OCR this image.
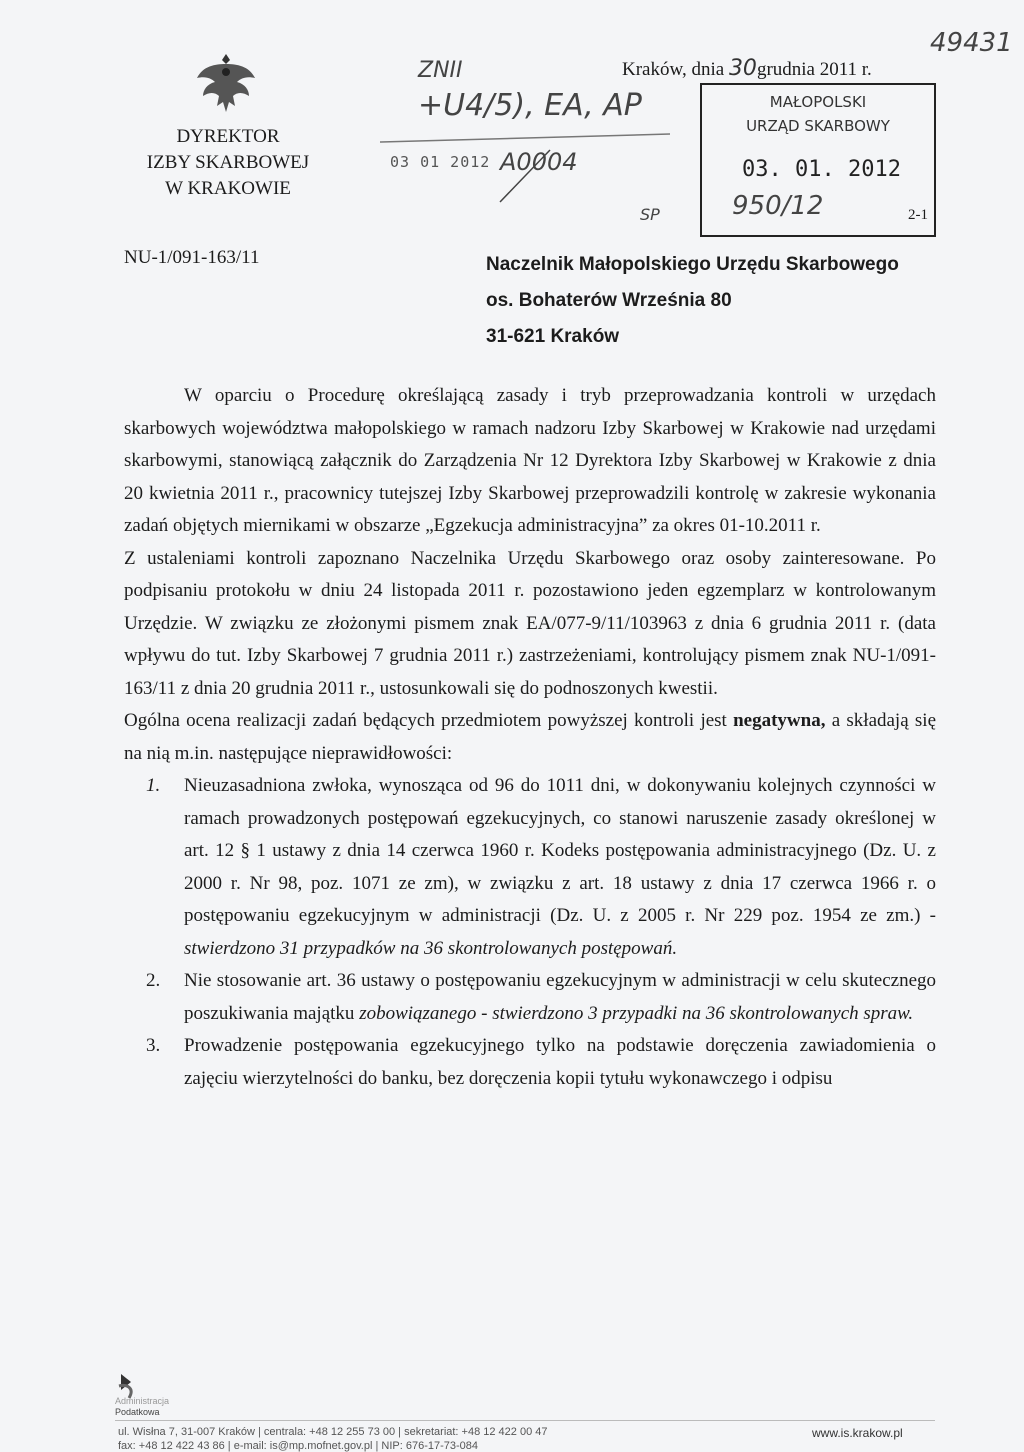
DYREKTOR
IZBY SKARBOWEJ
W KRAKOWIE
Kraków, dnia 30grudnia 2011 r.
49431
ZNII
+U4/5), EA, AP
03 01 2012 A0004
MAŁOPOLSKI
URZĄD SKARBOWY
03. 01. 2012
950/12	2-1
SP
NU-1/091-163/11	Naczelnik Małopolskiego Urzędu Skarbowego
os. Bohaterów Września 80
31-621 Kraków

W oparciu o Procedurę określającą zasady i tryb przeprowadzania kontroli w urzędach skarbowych województwa małopolskiego w ramach nadzoru Izby Skarbowej w Krakowie nad urzędami skarbowymi, stanowiącą załącznik do Zarządzenia Nr 12 Dyrektora Izby Skarbowej w Krakowie z dnia 20 kwietnia 2011 r., pracownicy tutejszej Izby Skarbowej przeprowadzili kontrolę w zakresie wykonania zadań objętych miernikami w obszarze „Egzekucja administracyjna” za okres 01-10.2011 r.

Z ustaleniami kontroli zapoznano Naczelnika Urzędu Skarbowego oraz osoby zainteresowane. Po podpisaniu protokołu w dniu 24 listopada 2011 r. pozostawiono jeden egzemplarz w kontrolowanym Urzędzie. W związku ze złożonymi pismem znak EA/077-9/11/103963 z dnia 6 grudnia 2011 r. (data wpływu do tut. Izby Skarbowej 7 grudnia 2011 r.) zastrzeżeniami, kontrolujący pismem znak NU-1/091-163/11 z dnia 20 grudnia 2011 r., ustosunkowali się do podnoszonych kwestii.

Ogólna ocena realizacji zadań będących przedmiotem powyższej kontroli jest negatywna, a składają się na nią m.in. następujące nieprawidłowości:

1. Nieuzasadniona zwłoka, wynosząca od 96 do 1011 dni, w dokonywaniu kolejnych czynności w ramach prowadzonych postępowań egzekucyjnych, co stanowi naruszenie zasady określonej w art. 12 § 1 ustawy z dnia 14 czerwca 1960 r. Kodeks postępowania administracyjnego (Dz. U. z 2000 r. Nr 98, poz. 1071 ze zm), w związku z art. 18 ustawy z dnia 17 czerwca 1966 r. o postępowaniu egzekucyjnym w administracji (Dz. U. z 2005 r. Nr 229 poz. 1954 ze zm.) - stwierdzono 31 przypadków na 36 skontrolowanych postępowań.
2. Nie stosowanie art. 36 ustawy o postępowaniu egzekucyjnym w administracji w celu skutecznego poszukiwania majątku zobowiązanego - stwierdzono 3 przypadki na 36 skontrolowanych spraw.
3. Prowadzenie postępowania egzekucyjnego tylko na podstawie doręczenia zawiadomienia o zajęciu wierzytelności do banku, bez doręczenia kopii tytułu wykonawczego i odpisu
Administracja
Podatkowa
ul. Wisłna 7, 31-007 Kraków | centrala: +48 12 255 73 00 | sekretariat: +48 12 422 00 47
fax: +48 12 422 43 86 | e-mail: is@mp.mofnet.gov.pl | NIP: 676-17-73-084
www.is.krakow.pl
